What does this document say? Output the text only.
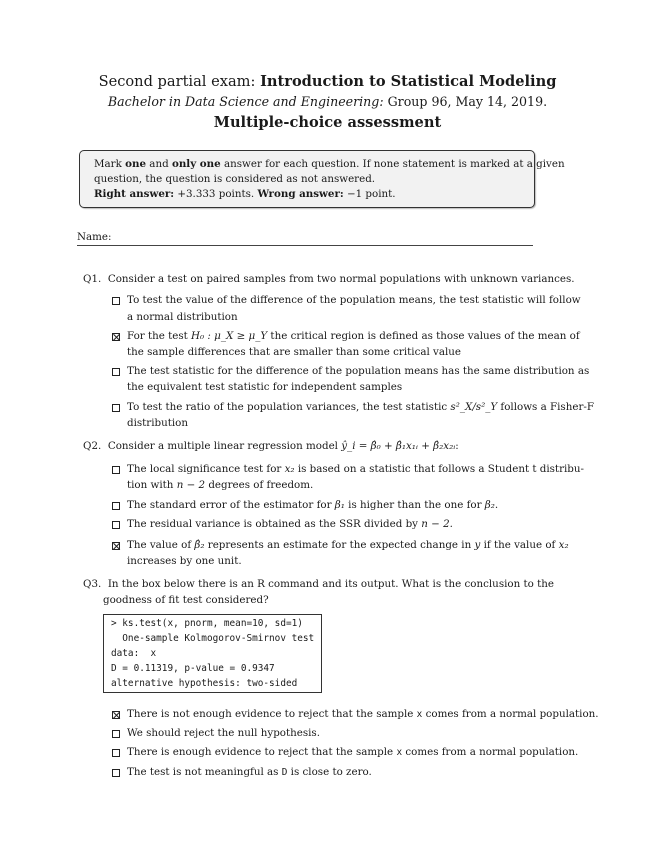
Second partial exam: Introduction to Statistical Modeling
Bachelor in Data Science and Engineering: Group 96, May 14, 2019.
Multiple-choice assessment
Mark one and only one answer for each question. If none statement is marked at a given
question, the question is considered as not answered.
Right answer: +3.333 points. Wrong answer: −1 point.
Name:
Q1. Consider a test on paired samples from two normal populations with unknown variances.
To test the value of the difference of the population means, the test statistic will follow
a normal distribution
For the test H₀ : μ_X ≥ μ_Y the critical region is defined as those values of the mean of
the sample differences that are smaller than some critical value
The test statistic for the difference of the population means has the same distribution as
the equivalent test statistic for independent samples
To test the ratio of the population variances, the test statistic s²_X/s²_Y follows a Fisher-F
distribution
Q2. Consider a multiple linear regression model ŷ_i = β̂₀ + β̂₁x₁ᵢ + β̂₂x₂ᵢ:
The local significance test for x₂ is based on a statistic that follows a Student t distribu-
tion with n − 2 degrees of freedom.
The standard error of the estimator for β₁ is higher than the one for β₂.
The residual variance is obtained as the SSR divided by n − 2.
The value of β̂₂ represents an estimate for the expected change in y if the value of x₂
increases by one unit.
Q3. In the box below there is an R command and its output. What is the conclusion to the
goodness of fit test considered?
> ks.test(x, pnorm, mean=10, sd=1)
One-sample Kolmogorov-Smirnov test
data:  x
D = 0.11319, p-value = 0.9347
alternative hypothesis: two-sided
There is not enough evidence to reject that the sample x comes from a normal population.
We should reject the null hypothesis.
There is enough evidence to reject that the sample x comes from a normal population.
The test is not meaningful as D is close to zero.
